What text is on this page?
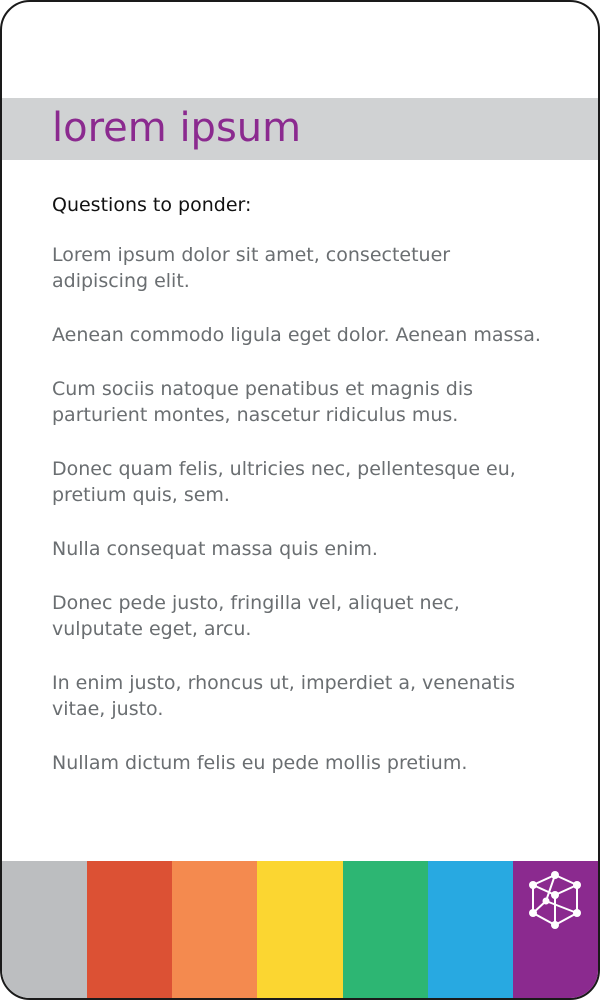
lorem ipsum
Questions to ponder:
Lorem ipsum dolor sit amet, consectetuer adipiscing elit.
Aenean commodo ligula eget dolor. Aenean massa.
Cum sociis natoque penatibus et magnis dis parturient montes, nascetur ridiculus mus.
Donec quam felis, ultricies nec, pellentesque eu, pretium quis, sem.
Nulla consequat massa quis enim.
Donec pede justo, fringilla vel, aliquet nec, vulputate eget, arcu.
In enim justo, rhoncus ut, imperdiet a, venenatis vitae, justo.
Nullam dictum felis eu pede mollis pretium.
